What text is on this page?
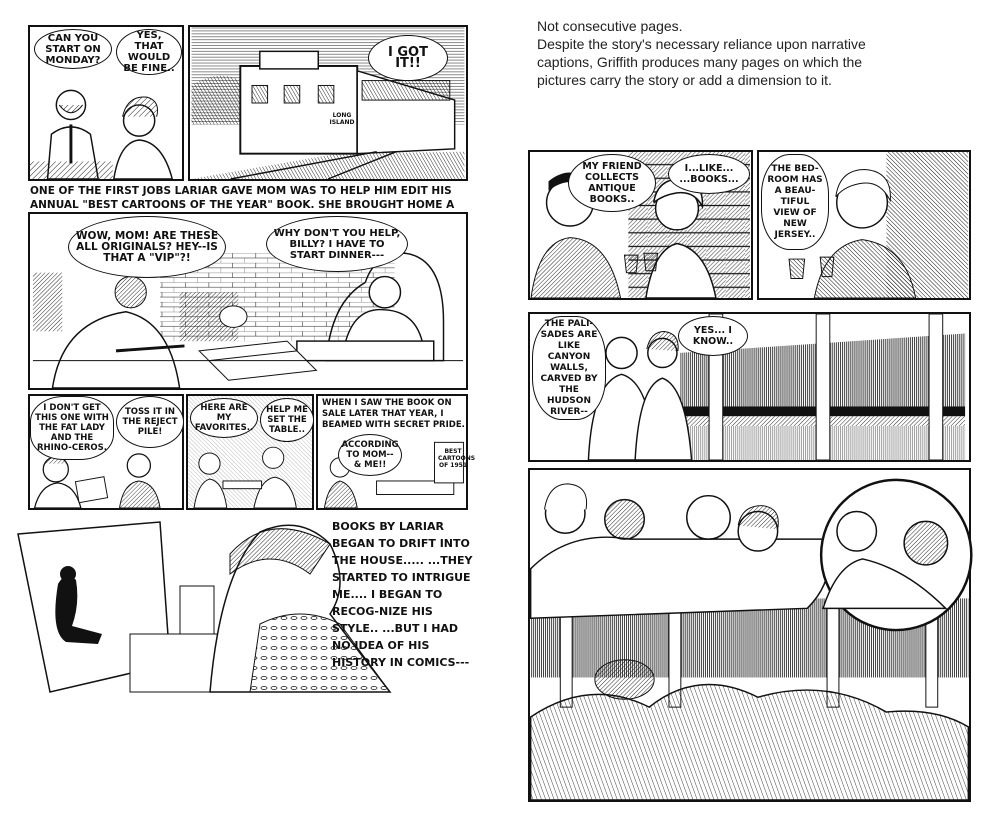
Not consecutive pages.
Despite the story's necessary reliance upon narrative
captions, Griffith produces many pages on which the
pictures carry the story or add a dimension to it.
CAN YOU START ON MONDAY?
YES, THAT WOULD BE FINE..
LONG ISLAND
I GOT IT!!
ONE OF THE FIRST JOBS LARIAR GAVE MOM WAS TO HELP HIM EDIT HIS ANNUAL "BEST CARTOONS OF THE YEAR" BOOK. SHE BROUGHT HOME A
WOW, MOM! ARE THESE ALL ORIGINALS? HEY--IS THAT A "VIP"?!
WHY DON'T YOU HELP, BILLY? I HAVE TO START DINNER---
I DON'T GET THIS ONE WITH THE FAT LADY AND THE RHINO-CEROS.
TOSS IT IN THE REJECT PILE!
HERE ARE MY FAVORITES..
HELP ME SET THE TABLE..
WHEN I SAW THE BOOK ON SALE LATER THAT YEAR, I BEAMED WITH SECRET PRIDE.
ACCORDING TO MOM-- & ME!!
BEST CARTOONS OF 1951
BOOKS BY LARIAR BEGAN TO DRIFT INTO THE HOUSE..... ...THEY STARTED TO INTRIGUE ME.... I BEGAN TO RECOG-NIZE HIS STYLE.. ...BUT I HAD NO IDEA OF HIS HISTORY IN COMICS---
MY FRIEND COLLECTS ANTIQUE BOOKS..
I...LIKE... ...BOOKS...
THE BED-ROOM HAS A BEAU-TIFUL VIEW OF NEW JERSEY..
THE PALI-SADES ARE LIKE CANYON WALLS, CARVED BY THE HUDSON RIVER--
YES... I KNOW..
